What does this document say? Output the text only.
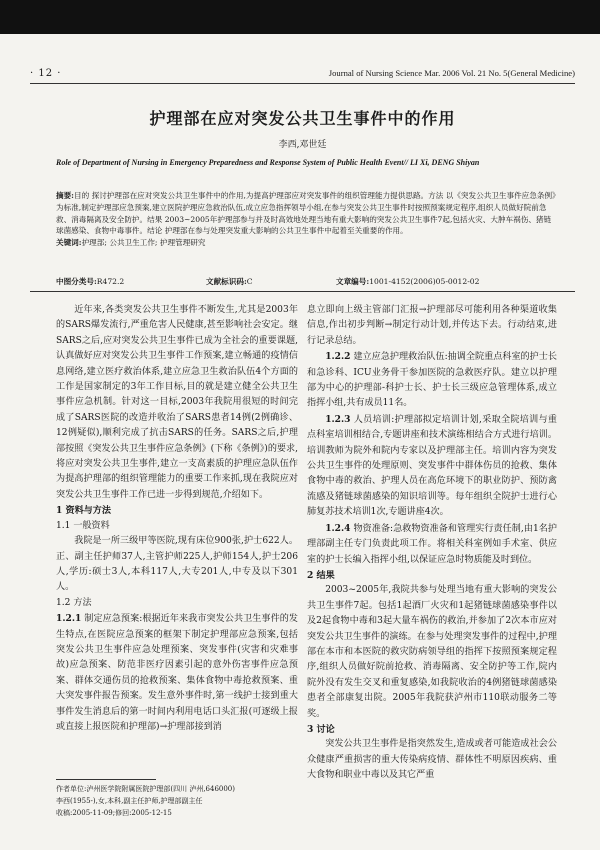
· 12 ·	Journal of Nursing Science Mar. 2006 Vol. 21 No. 5(General Medicine)
护理部在应对突发公共卫生事件中的作用
李西,邓世廷
Role of Department of Nursing in Emergency Preparedness and Response System of Public Health Event// LI Xi, DENG Shiyan
摘要:目的 探讨护理部在应对突发公共卫生事件中的作用,为提高护理部应对突发事件的组织管理能力提供思路。方法 以《突发公共卫生事件应急条例》为标准,制定护理部应急预案,建立医院护理应急救治队伍,成立应急指挥领导小组,在参与突发公共卫生事件时按照预案规定程序,组织人员做好院前急救、消毒隔离及安全防护。结果 2003~2005年护理部参与并及时高效地处理当地有重大影响的突发公共卫生事件7起,包括火灾、大肿车祸伤、猪链球菌感染、食物中毒事件。结论 护理部在参与处理突发重大影响的公共卫生事件中起着至关重要的作用。
关键词:护理部; 公共卫生工作; 护理管理研究
中图分类号:R472.2	文献标识码:C	文章编号:1001-4152(2006)05-0012-02

近年来,各类突发公共卫生事件不断发生,尤其是2003年的SARS爆发流行,严重危害人民健康,甚至影响社会安定。继SARS之后,应对突发公共卫生事件已成为全社会的重要课题,认真做好应对突发公共卫生事件工作预案,建立畅通的疫情信息网络,建立医疗救治体系,建立应急卫生救治队伍4个方面的工作是国家制定的3年工作目标,目的就是建立健全公共卫生事件应急机制。针对这一目标,2003年我院用很短的时间完成了SARS医院的改造并收治了SARS患者14例(2例确诊、12例疑似),顺利完成了抗击SARS的任务。SARS之后,护理部按照《突发公共卫生事件应急条例》(下称《条例》)的要求,将应对突发公共卫生事件,建立一支高素质的护理应急队伍作为提高护理部的组织管理能力的重要工作来抓,现在我院应对突发公共卫生事件工作已进一步得到规范,介绍如下。

1 资料与方法

1.1 一般资料

我院是一所三级甲等医院,现有床位900张,护士622人。正、副主任护师37人,主管护师225人,护师154人,护士206人,学历:硕士3人,本科117人,大专201人,中专及以下301人。

1.2 方法

1.2.1 制定应急预案:根据近年来我市突发公共卫生事件的发生特点,在医院应急预案的框架下制定护理部应急预案,包括突发公共卫生事件应急处理预案、突发事件(灾害和灾难事故)应急预案、防范非医疗因素引起的意外伤害事件应急预案、群体交通伤员的抢救预案、集体食物中毒抢救预案、重大突发事件报告预案。发生意外事件时,第一线护士接到重大事件发生消息后的第一时间内利用电话口头汇报(可逐级上报或直接上报医院和护理部)→护理部接到消

息立即向上级主管部门汇报→护理部尽可能利用各种渠道收集信息,作出初步判断→制定行动计划,并传达下去。行动结束,进行记录总结。

1.2.2 建立应急护理救治队伍:抽调全院重点科室的护士长和急诊科、ICU业务骨干参加医院的急救医疗队。建立以护理部为中心的护理部-科护士长、护士长三级应急管理体系,成立指挥小组,共有成员11名。

1.2.3 人员培训:护理部拟定培训计划,采取全院培训与重点科室培训相结合,专题讲座和技术演练相结合方式进行培训。培训教师为院外和院内专家以及护理部主任。培训内容为突发公共卫生事件的处理原则、突发事件中群体伤员的抢救、集体食物中毒的救治、护理人员在高危环境下的职业防护、预防禽流感及猪链球菌感染的知识培训等。每年组织全院护士进行心肺复苏技术培训1次,专题讲座4次。

1.2.4 物资准备:急救物资准备和管理实行责任制,由1名护理部副主任专门负责此项工作。将相关科室例如手术室、供应室的护士长编入指挥小组,以保证应急时物质能及时到位。

2 结果

2003~2005年,我院共参与处理当地有重大影响的突发公共卫生事件7起。包括1起酒厂火灾和1起猪链球菌感染事件以及2起食物中毒和3起大量车祸伤的救治,并参加了2次本市应对突发公共卫生事件的演练。在参与处理突发事件的过程中,护理部在本市和本医院的救灾防病领导组的指挥下按照预案规定程序,组织人员做好院前抢救、消毒隔离、安全防护等工作,院内院外没有发生交叉和重复感染,如我院收治的4例猪链球菌感染患者全部康复出院。2005年我院获泸州市110联动服务二等奖。

3 讨论

突发公共卫生事件是指突然发生,造成或者可能造成社会公众健康严重损害的重大传染病疫情、群体性不明原因疾病、重大食物和职业中毒以及其它严重

作者单位:泸州医学院附属医院护理部(四川 泸州,646000)
李西(1955-),女,本科,副主任护师,护理部副主任
收稿:2005-11-09;修回:2005-12-15
